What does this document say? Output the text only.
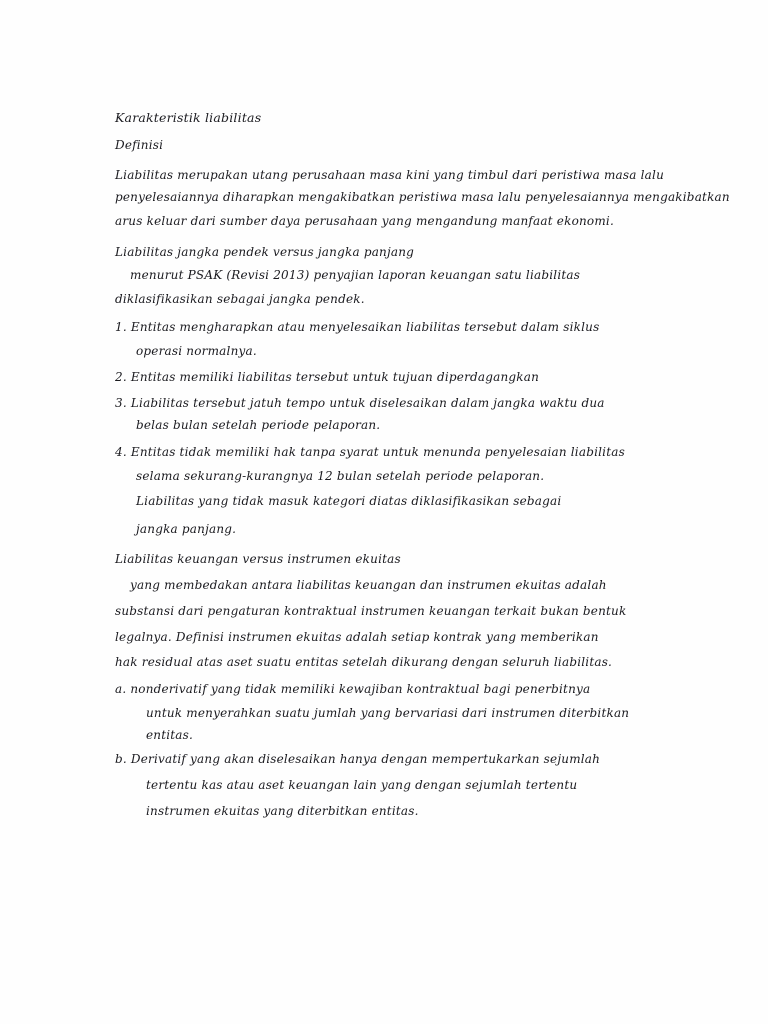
Karakteristik liabilitas

Definisi

Liabilitas merupakan utang perusahaan masa kini yang timbul dari peristiwa masa lalu

penyelesaiannya diharapkan mengakibatkan peristiwa masa lalu penyelesaiannya mengakibatkan

arus keluar dari sumber daya perusahaan yang mengandung manfaat ekonomi.

Liabilitas jangka pendek versus jangka panjang

menurut PSAK (Revisi 2013) penyajian laporan keuangan satu liabilitas

diklasifikasikan sebagai jangka pendek.

1. Entitas mengharapkan atau menyelesaikan liabilitas tersebut dalam siklus

operasi normalnya.

2. Entitas memiliki liabilitas tersebut untuk tujuan diperdagangkan

3. Liabilitas tersebut jatuh tempo untuk diselesaikan dalam jangka waktu dua

belas bulan setelah periode pelaporan.

4. Entitas tidak memiliki hak tanpa syarat untuk menunda penyelesaian liabilitas

selama sekurang-kurangnya 12 bulan setelah periode pelaporan.

Liabilitas yang tidak masuk kategori diatas diklasifikasikan sebagai

jangka panjang.

Liabilitas keuangan versus instrumen ekuitas

yang membedakan antara liabilitas keuangan dan instrumen ekuitas adalah

substansi dari pengaturan kontraktual instrumen keuangan terkait bukan bentuk

legalnya. Definisi instrumen ekuitas adalah setiap kontrak yang memberikan

hak residual atas aset suatu entitas setelah dikurang dengan seluruh liabilitas.

a. nonderivatif yang tidak memiliki kewajiban kontraktual bagi penerbitnya

untuk menyerahkan suatu jumlah yang bervariasi dari instrumen diterbitkan

entitas.

b. Derivatif yang akan diselesaikan hanya dengan mempertukarkan sejumlah

tertentu kas atau aset keuangan lain yang dengan sejumlah tertentu

instrumen ekuitas yang diterbitkan entitas.
